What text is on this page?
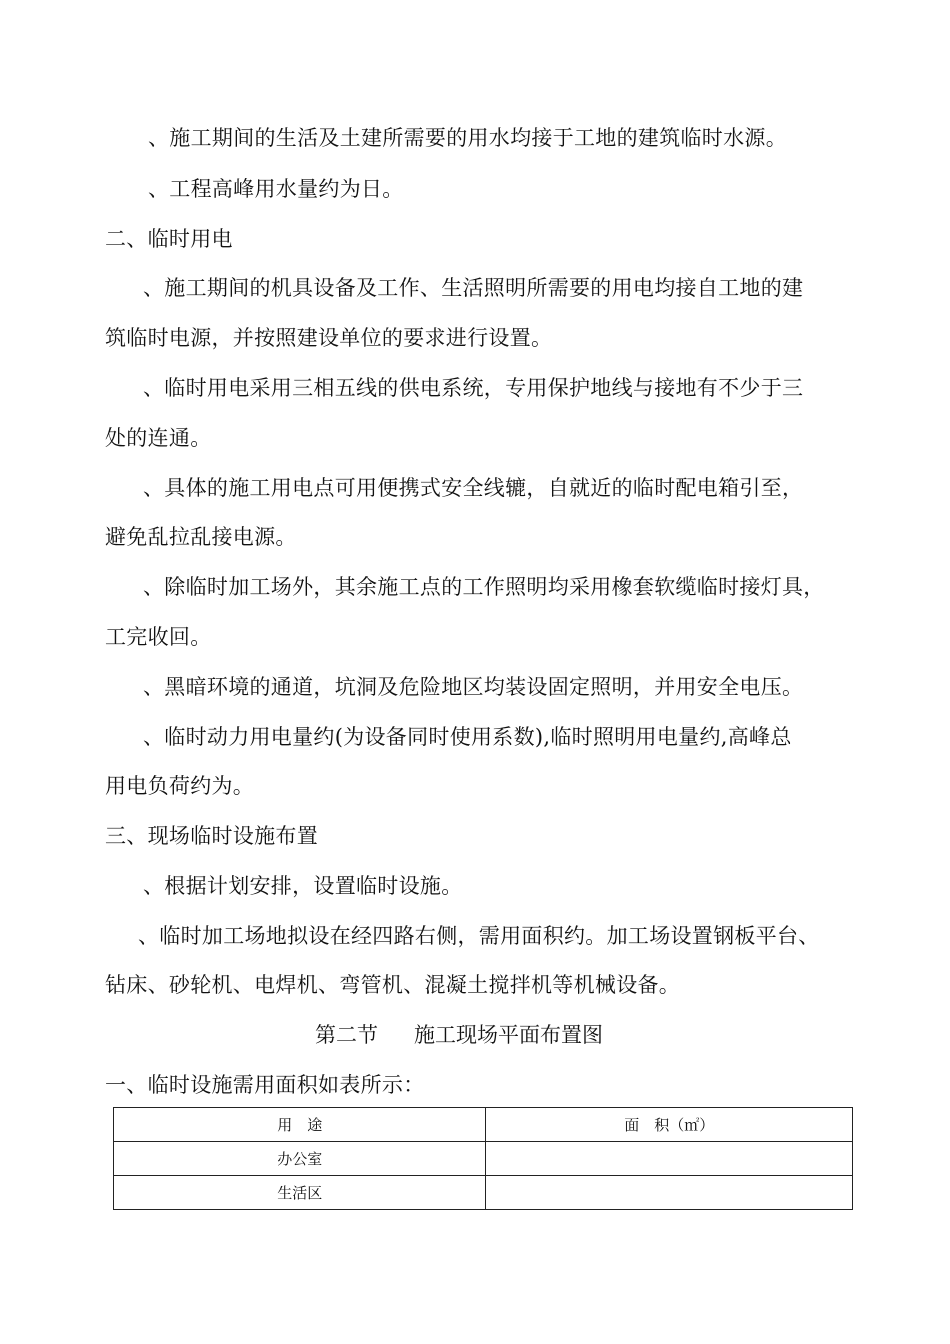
、施工期间的生活及土建所需要的用水均接于工地的建筑临时水源。
、工程高峰用水量约为日。
二、临时用电
、施工期间的机具设备及工作、生活照明所需要的用电均接自工地的建
筑临时电源，并按照建设单位的要求进行设置。
、临时用电采用三相五线的供电系统，专用保护地线与接地有不少于三
处的连通。
、具体的施工用电点可用便携式安全线辘，自就近的临时配电箱引至，
避免乱拉乱接电源。
、除临时加工场外，其余施工点的工作照明均采用橡套软缆临时接灯具，
工完收回。
、黑暗环境的通道，坑洞及危险地区均装设固定照明，并用安全电压。
、临时动力用电量约(为设备同时使用系数),临时照明用电量约,高峰总
用电负荷约为。
三、现场临时设施布置
、根据计划安排，设置临时设施。
、临时加工场地拟设在经四路右侧，需用面积约。加工场设置钢板平台、
钻床、砂轮机、电焊机、弯管机、混凝土搅拌机等机械设备。
第二节 施工现场平面布置图
一、临时设施需用面积如表所示：
用　途	面　积（㎡）
办公室	
生活区	
